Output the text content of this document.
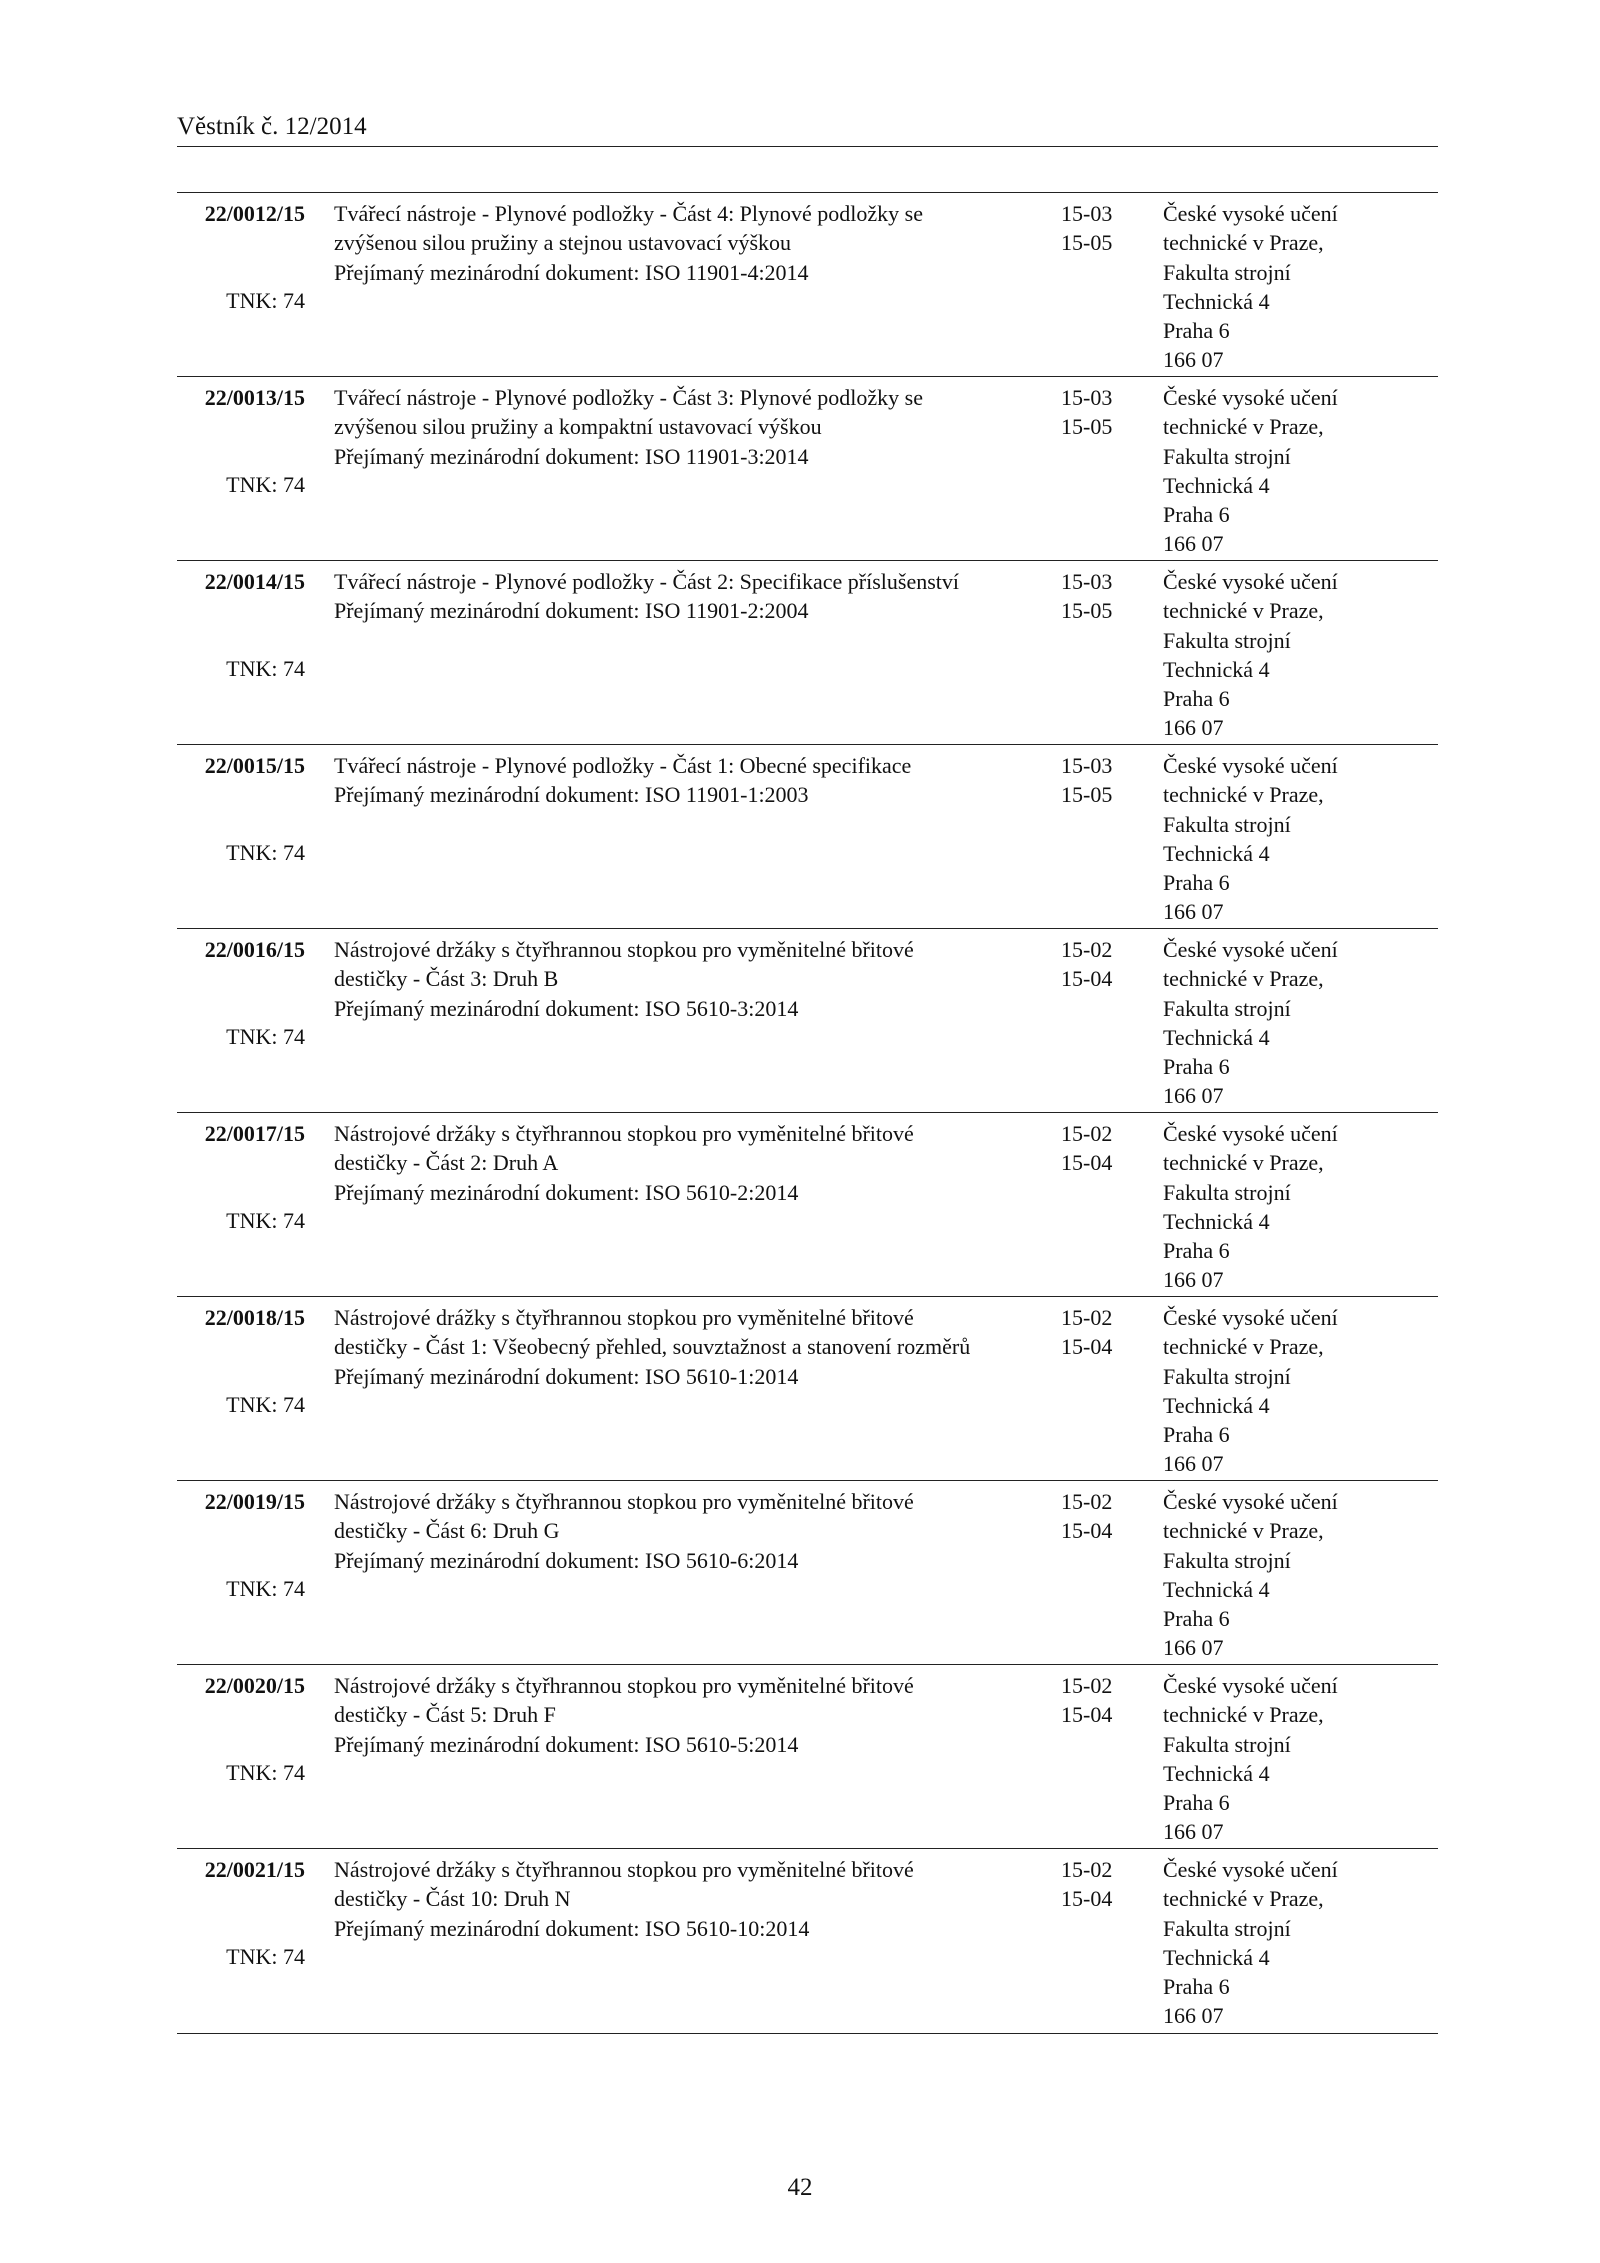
Věstník č. 12/2014
22/0012/15
TNK: 74
Tvářecí nástroje - Plynové podložky - Část 4: Plynové podložky se
zvýšenou silou pružiny a stejnou ustavovací výškou
Přejímaný mezinárodní dokument: ISO 11901-4:2014
15-03
15-05
České vysoké učení
technické v Praze,
Fakulta strojní
Technická 4
Praha 6
166 07
22/0013/15
TNK: 74
Tvářecí nástroje - Plynové podložky - Část 3: Plynové podložky se
zvýšenou silou pružiny a kompaktní ustavovací výškou
Přejímaný mezinárodní dokument: ISO 11901-3:2014
15-03
15-05
České vysoké učení
technické v Praze,
Fakulta strojní
Technická 4
Praha 6
166 07
22/0014/15
TNK: 74
Tvářecí nástroje - Plynové podložky - Část 2: Specifikace příslušenství
Přejímaný mezinárodní dokument: ISO 11901-2:2004
15-03
15-05
České vysoké učení
technické v Praze,
Fakulta strojní
Technická 4
Praha 6
166 07
22/0015/15
TNK: 74
Tvářecí nástroje - Plynové podložky - Část 1: Obecné specifikace
Přejímaný mezinárodní dokument: ISO 11901-1:2003
15-03
15-05
České vysoké učení
technické v Praze,
Fakulta strojní
Technická 4
Praha 6
166 07
22/0016/15
TNK: 74
Nástrojové držáky s čtyřhrannou stopkou pro vyměnitelné břitové
destičky - Část 3: Druh B
Přejímaný mezinárodní dokument: ISO 5610-3:2014
15-02
15-04
České vysoké učení
technické v Praze,
Fakulta strojní
Technická 4
Praha 6
166 07
22/0017/15
TNK: 74
Nástrojové držáky s čtyřhrannou stopkou pro vyměnitelné břitové
destičky - Část 2: Druh A
Přejímaný mezinárodní dokument: ISO 5610-2:2014
15-02
15-04
České vysoké učení
technické v Praze,
Fakulta strojní
Technická 4
Praha 6
166 07
22/0018/15
TNK: 74
Nástrojové drážky s čtyřhrannou stopkou pro vyměnitelné břitové
destičky - Část 1: Všeobecný přehled, souvztažnost a stanovení rozměrů
Přejímaný mezinárodní dokument: ISO 5610-1:2014
15-02
15-04
České vysoké učení
technické v Praze,
Fakulta strojní
Technická 4
Praha 6
166 07
22/0019/15
TNK: 74
Nástrojové držáky s čtyřhrannou stopkou pro vyměnitelné břitové
destičky - Část 6: Druh G
Přejímaný mezinárodní dokument: ISO 5610-6:2014
15-02
15-04
České vysoké učení
technické v Praze,
Fakulta strojní
Technická 4
Praha 6
166 07
22/0020/15
TNK: 74
Nástrojové držáky s čtyřhrannou stopkou pro vyměnitelné břitové
destičky - Část 5: Druh F
Přejímaný mezinárodní dokument: ISO 5610-5:2014
15-02
15-04
České vysoké učení
technické v Praze,
Fakulta strojní
Technická 4
Praha 6
166 07
22/0021/15
TNK: 74
Nástrojové držáky s čtyřhrannou stopkou pro vyměnitelné břitové
destičky - Část 10: Druh N
Přejímaný mezinárodní dokument: ISO 5610-10:2014
15-02
15-04
České vysoké učení
technické v Praze,
Fakulta strojní
Technická 4
Praha 6
166 07
42
